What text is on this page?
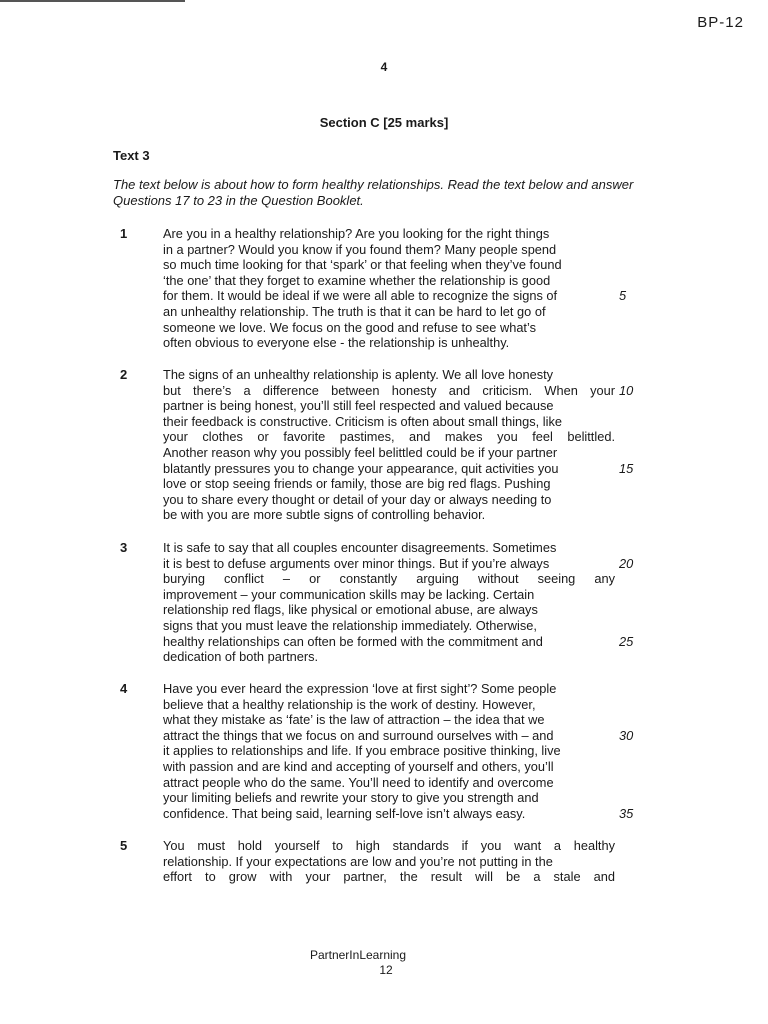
BP-12
4
Section C [25 marks]
Text 3
The text below is about how to form healthy relationships. Read the text below and answer Questions 17 to 23 in the Question Booklet.
1	Are you in a healthy relationship? Are you looking for the right things
in a partner? Would you know if you found them? Many people spend
so much time looking for that ‘spark’ or that feeling when they’ve found
‘the one’ that they forget to examine whether the relationship is good
for them. It would be ideal if we were all able to recognize the signs of
an unhealthy relationship. The truth is that it can be hard to let go of
someone we love. We focus on the good and refuse to see what’s
often obvious to everyone else - the relationship is unhealthy.
5
2	The signs of an unhealthy relationship is aplenty. We all love honesty
but there’s a difference between honesty and criticism. When your
partner is being honest, you’ll still feel respected and valued because
their feedback is constructive. Criticism is often about small things, like
your clothes or favorite pastimes, and makes you feel belittled.
Another reason why you possibly feel belittled could be if your partner
blatantly pressures you to change your appearance, quit activities you
love or stop seeing friends or family, those are big red flags. Pushing
you to share every thought or detail of your day or always needing to
be with you are more subtle signs of controlling behavior.
10
15
3	It is safe to say that all couples encounter disagreements. Sometimes
it is best to defuse arguments over minor things. But if you’re always
burying conflict – or constantly arguing without seeing any
improvement – your communication skills may be lacking. Certain
relationship red flags, like physical or emotional abuse, are always
signs that you must leave the relationship immediately. Otherwise,
healthy relationships can often be formed with the commitment and
dedication of both partners.
20
25
4	Have you ever heard the expression ‘love at first sight’? Some people
believe that a healthy relationship is the work of destiny. However,
what they mistake as ‘fate’ is the law of attraction – the idea that we
attract the things that we focus on and surround ourselves with – and
it applies to relationships and life. If you embrace positive thinking, live
with passion and are kind and accepting of yourself and others, you’ll
attract people who do the same. You’ll need to identify and overcome
your limiting beliefs and rewrite your story to give you strength and
confidence. That being said, learning self-love isn’t always easy.
30
35
5	You must hold yourself to high standards if you want a healthy
relationship. If your expectations are low and you’re not putting in the
effort to grow with your partner, the result will be a stale and
PartnerInLearning
12
